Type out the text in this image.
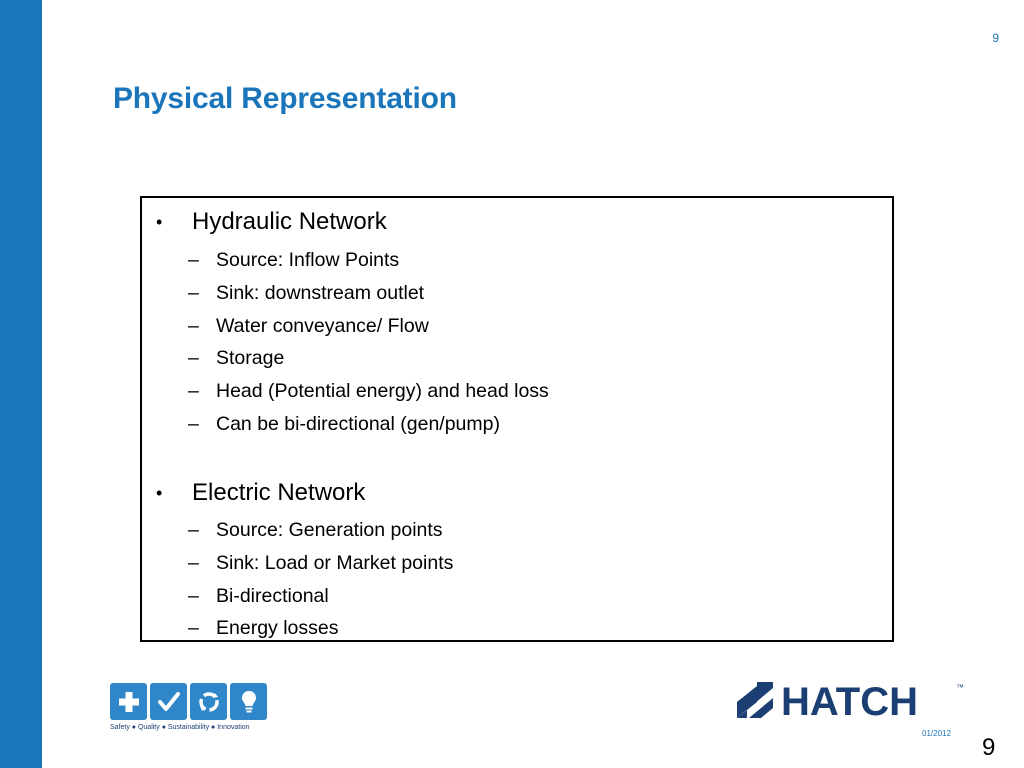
9
Physical Representation
• Hydraulic Network
– Source: Inflow Points
– Sink: downstream outlet
– Water conveyance/ Flow
– Storage
– Head (Potential energy) and head loss
– Can be bi-directional (gen/pump)
• Electric Network
– Source: Generation points
– Sink: Load or Market points
– Bi-directional
– Energy losses
Safety ● Quality ● Sustainability ● Innovation
HATCH	™
01/2012
9
